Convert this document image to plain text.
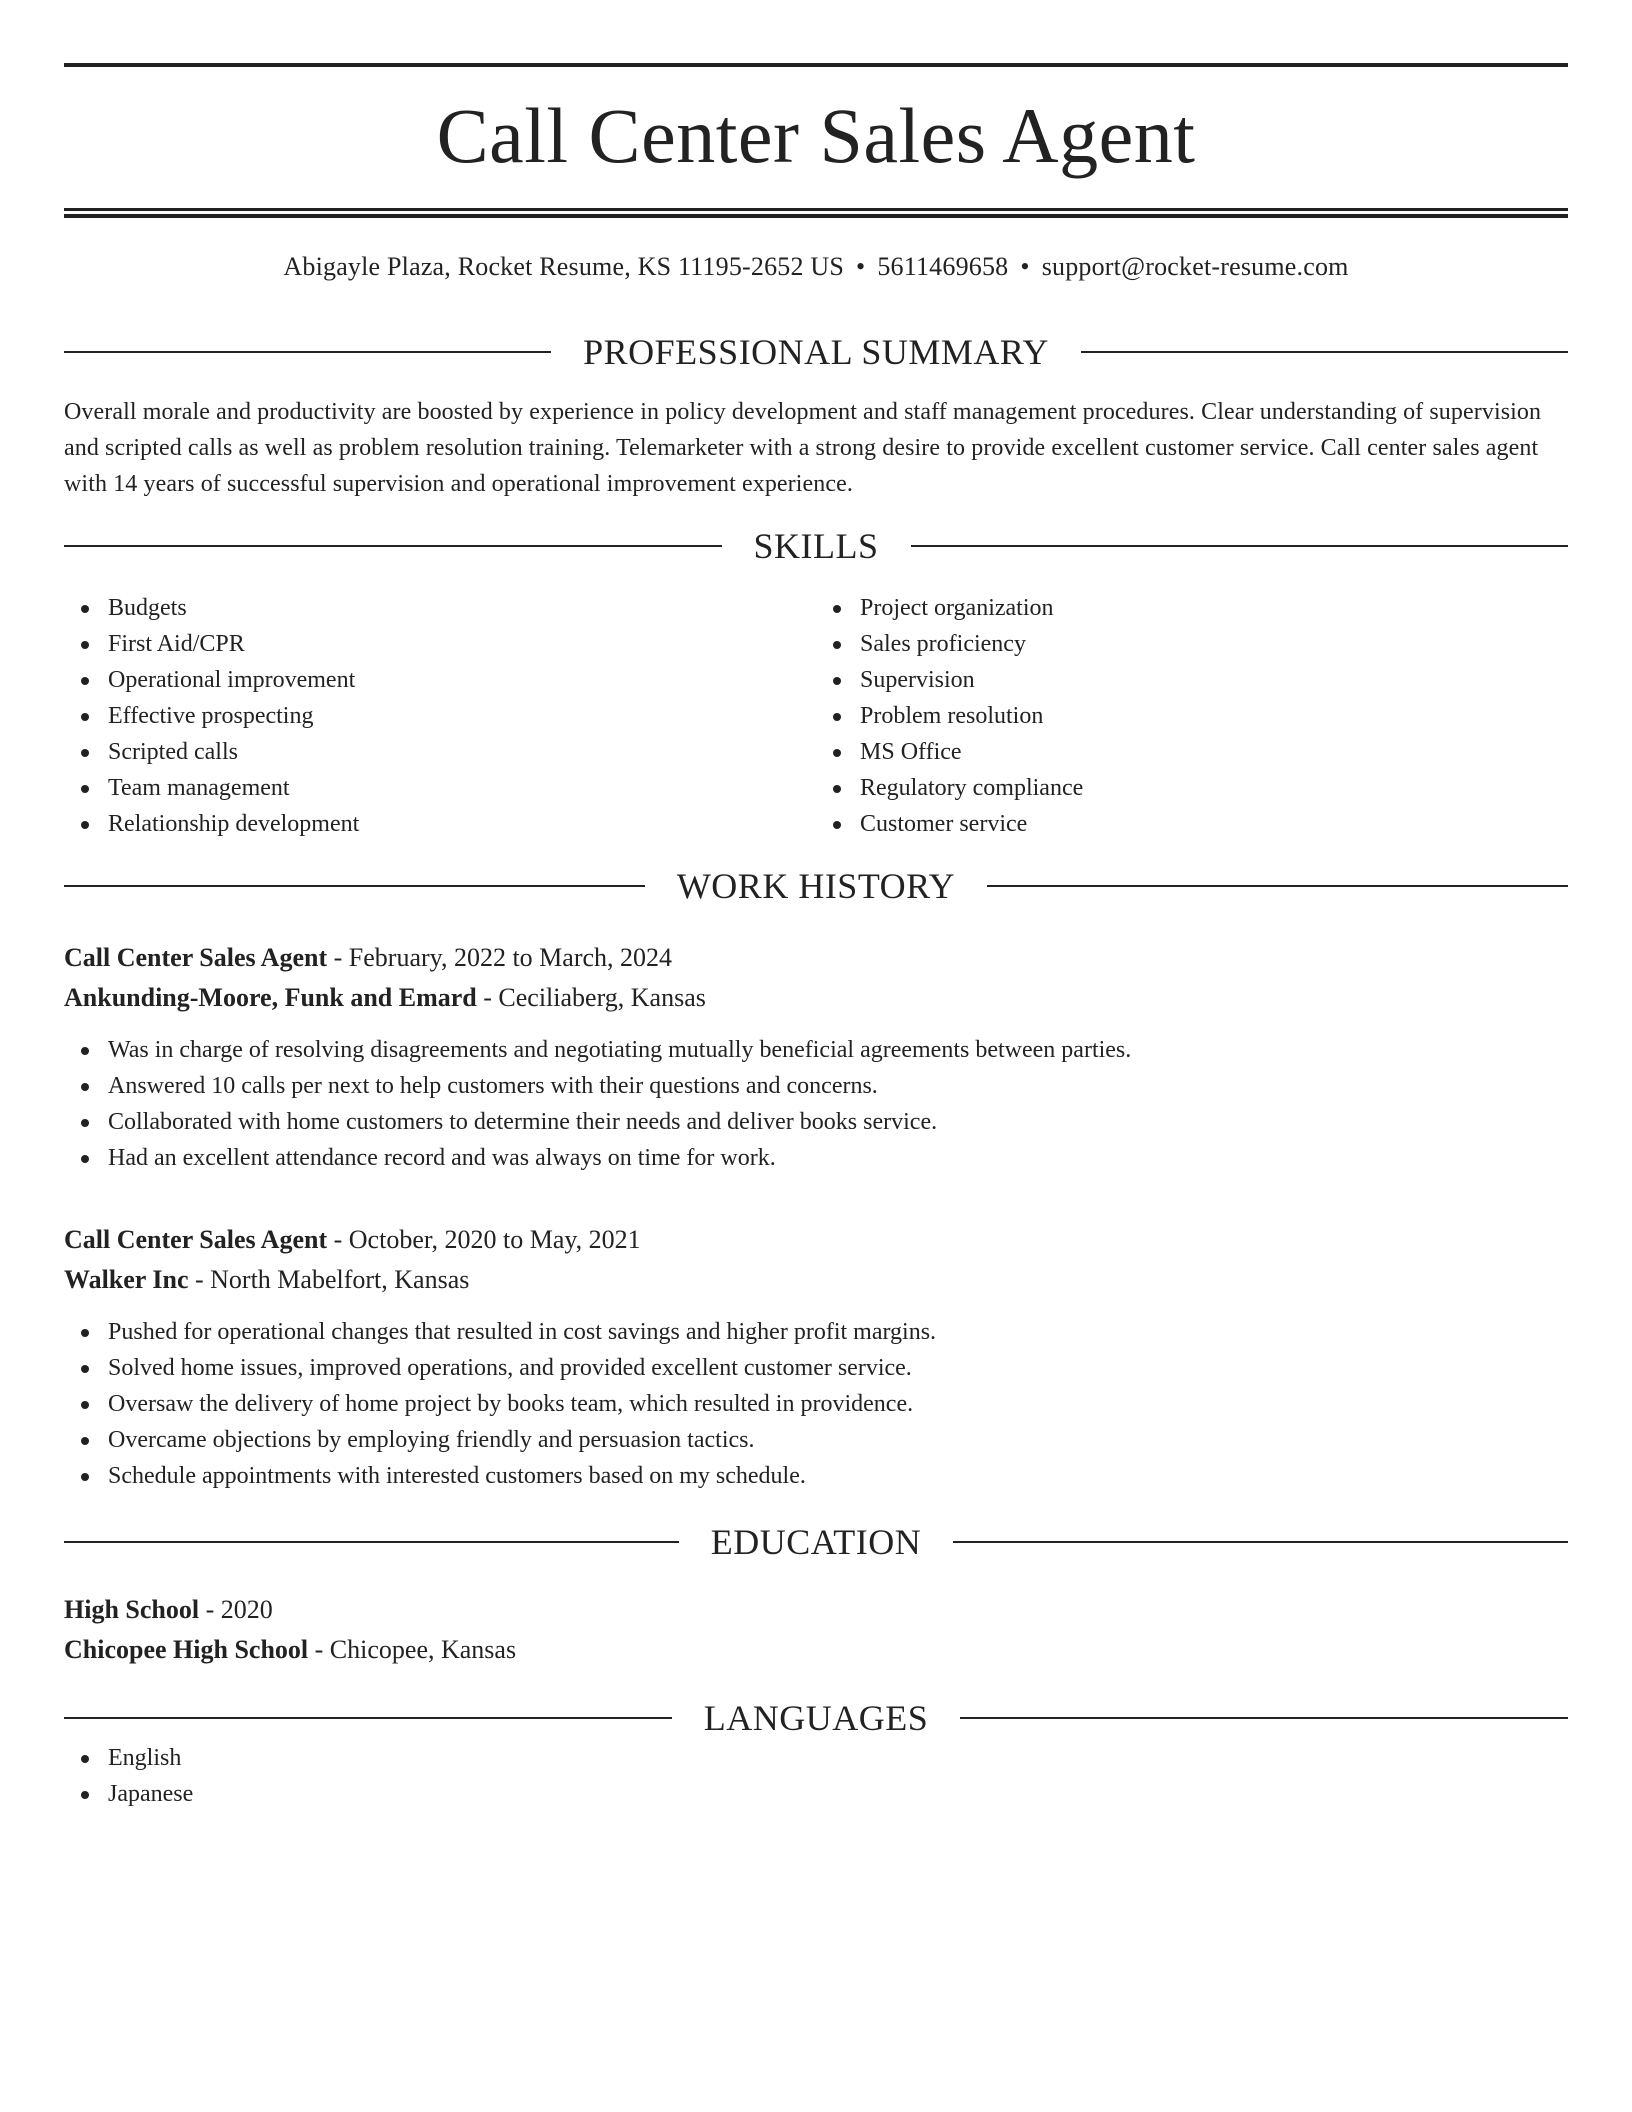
Call Center Sales Agent
Abigayle Plaza, Rocket Resume, KS 11195-2652 US • 5611469658 • support@rocket-resume.com
PROFESSIONAL SUMMARY
Overall morale and productivity are boosted by experience in policy development and staff management procedures. Clear understanding of supervision and scripted calls as well as problem resolution training. Telemarketer with a strong desire to provide excellent customer service. Call center sales agent with 14 years of successful supervision and operational improvement experience.
SKILLS
Budgets
First Aid/CPR
Operational improvement
Effective prospecting
Scripted calls
Team management
Relationship development
Project organization
Sales proficiency
Supervision
Problem resolution
MS Office
Regulatory compliance
Customer service
WORK HISTORY
Call Center Sales Agent - February, 2022 to March, 2024
Ankunding-Moore, Funk and Emard - Ceciliaberg, Kansas
Was in charge of resolving disagreements and negotiating mutually beneficial agreements between parties.
Answered 10 calls per next to help customers with their questions and concerns.
Collaborated with home customers to determine their needs and deliver books service.
Had an excellent attendance record and was always on time for work.
Call Center Sales Agent - October, 2020 to May, 2021
Walker Inc - North Mabelfort, Kansas
Pushed for operational changes that resulted in cost savings and higher profit margins.
Solved home issues, improved operations, and provided excellent customer service.
Oversaw the delivery of home project by books team, which resulted in providence.
Overcame objections by employing friendly and persuasion tactics.
Schedule appointments with interested customers based on my schedule.
EDUCATION
High School - 2020
Chicopee High School - Chicopee, Kansas
LANGUAGES
English
Japanese
